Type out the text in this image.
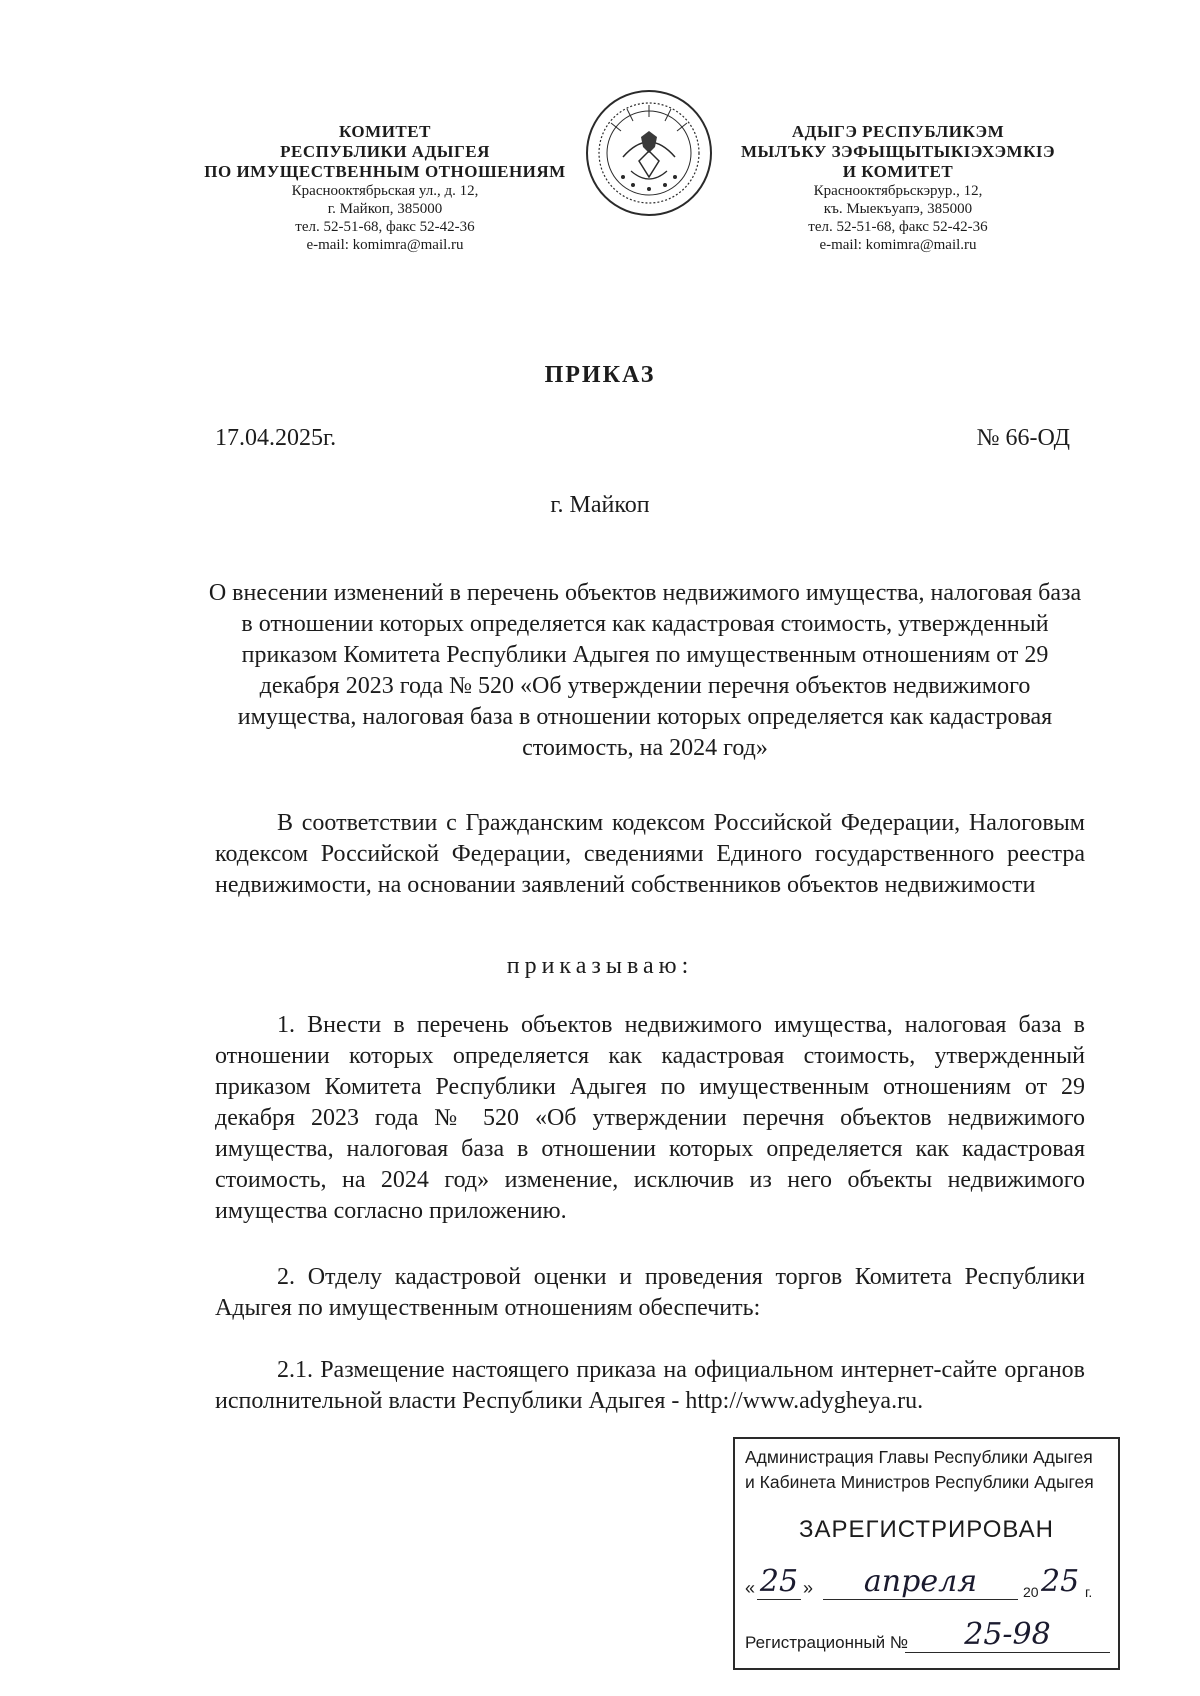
КОМИТЕТ
РЕСПУБЛИКИ АДЫГЕЯ
ПО ИМУЩЕСТВЕННЫМ ОТНОШЕНИЯМ
Краснооктябрьская ул., д. 12,
г. Майкоп, 385000
тел. 52-51-68, факс 52-42-36
e-mail: komimra@mail.ru
АДЫГЭ РЕСПУБЛИКЭМ
МЫЛЪКУ ЗЭФЫЩЫТЫКIЭХЭМКIЭ
И КОМИТЕТ
Краснооктябрьскэрур., 12,
къ. Мыекъуапэ, 385000
тел. 52-51-68, факс 52-42-36
e-mail: komimra@mail.ru
ПРИКАЗ
17.04.2025г.	№ 66-ОД
г. Майкоп
О внесении изменений в перечень объектов недвижимого имущества, налоговая база в отношении которых определяется как кадастровая стоимость, утвержденный приказом Комитета Республики Адыгея по имущественным отношениям от 29 декабря 2023 года № 520 «Об утверждении перечня объектов недвижимого имущества, налоговая база в отношении которых определяется как кадастровая стоимость, на 2024 год»
В соответствии с Гражданским кодексом Российской Федерации, Налоговым кодексом Российской Федерации, сведениями Единого государственного реестра недвижимости, на основании заявлений собственников объектов недвижимости
приказываю:
1. Внести в перечень объектов недвижимого имущества, налоговая база в отношении которых определяется как кадастровая стоимость, утвержденный приказом Комитета Республики Адыгея по имущественным отношениям от 29 декабря 2023 года № 520 «Об утверждении перечня объектов недвижимого имущества, налоговая база в отношении которых определяется как кадастровая стоимость, на 2024 год» изменение, исключив из него объекты недвижимого имущества согласно приложению.
2. Отделу кадастровой оценки и проведения торгов Комитета Республики Адыгея по имущественным отношениям обеспечить:
2.1. Размещение настоящего приказа на официальном интернет-сайте органов исполнительной власти Республики Адыгея - http://www.adygheya.ru.
Администрация Главы Республики Адыгея
и Кабинета Министров Республики Адыгея
ЗАРЕГИСТРИРОВАН
« 25 »	апреля	20 25 г.
Регистрационный №	25-98
